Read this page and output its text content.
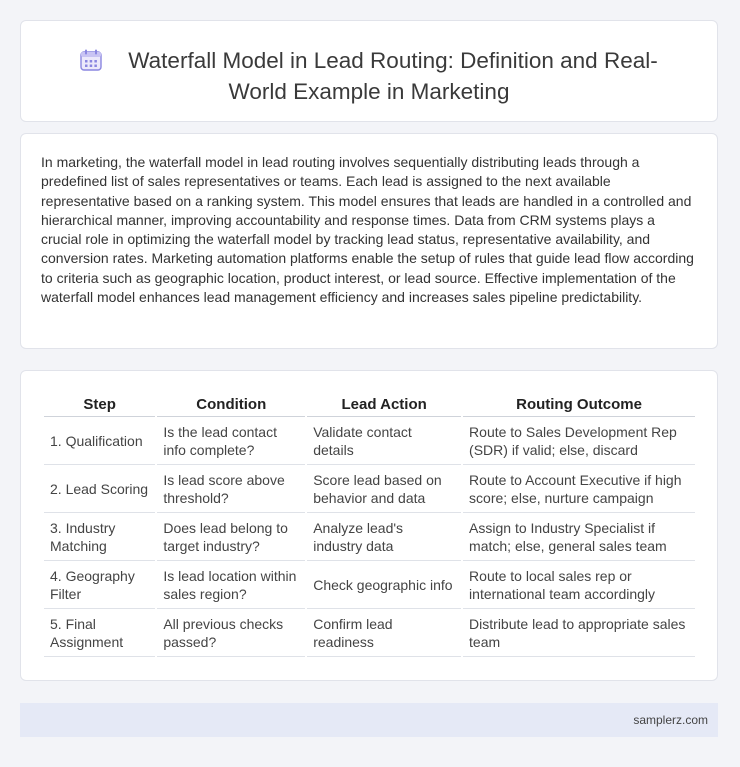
Waterfall Model in Lead Routing: Definition and Real-World Example in Marketing
In marketing, the waterfall model in lead routing involves sequentially distributing leads through a predefined list of sales representatives or teams. Each lead is assigned to the next available representative based on a ranking system. This model ensures that leads are handled in a controlled and hierarchical manner, improving accountability and response times. Data from CRM systems plays a crucial role in optimizing the waterfall model by tracking lead status, representative availability, and conversion rates. Marketing automation platforms enable the setup of rules that guide lead flow according to criteria such as geographic location, product interest, or lead source. Effective implementation of the waterfall model enhances lead management efficiency and increases sales pipeline predictability.
Step	Condition	Lead Action	Routing Outcome
1. Qualification	Is the lead contact info complete?	Validate contact details	Route to Sales Development Rep (SDR) if valid; else, discard
2. Lead Scoring	Is lead score above threshold?	Score lead based on behavior and data	Route to Account Executive if high score; else, nurture campaign
3. Industry Matching	Does lead belong to target industry?	Analyze lead's industry data	Assign to Industry Specialist if match; else, general sales team
4. Geography Filter	Is lead location within sales region?	Check geographic info	Route to local sales rep or international team accordingly
5. Final Assignment	All previous checks passed?	Confirm lead readiness	Distribute lead to appropriate sales team
samplerz.com
